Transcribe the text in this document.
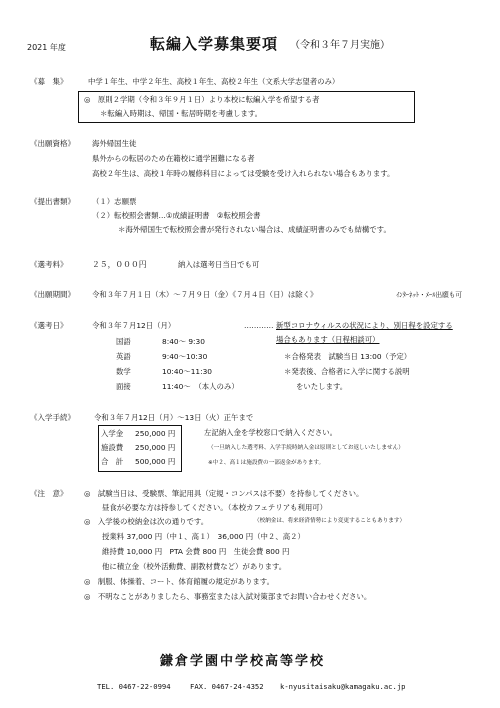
2021 年度	転編入学募集要項 （令和３年７月実施）
《募　集》	中学１年生、中学２年生、高校１年生、高校２年生（文系大学志望者のみ）
◎　原則２学期（令和３年９月１日）より本校に転編入学を希望する者
＊転編入時期は、帰国・転居時期を考慮します。
《出願資格》 海外帰国生徒
県外からの転居のため在籍校に通学困難になる者
高校２年生は、高校１年時の履修科目によっては受験を受け入れられない場合もあります。
《提出書類》 （１）志願票
（２）転校照会書類…①成績証明書　②転校照会書
＊海外帰国生で転校照会書が発行されない場合は、成績証明書のみでも結構です。
《選考料》	２５，０００円	納入は選考日当日でも可
《出願期間》 令和３年７月１日（木）～７月９日（金）《７月４日（日）は除く》	ｲﾝﾀｰﾈｯﾄ・ﾒｰﾙ出願も可
《選考日》	令和３年７月12日（月）	………… 新型コロナウィルスの状況により、別日程を設定する
場合もあります（日程相談可）
国語	8:40～ 9:30
英語	9:40～10:30
数学	10:40～11:30
面接	11:40～　（本人のみ）
＊合格発表　試験当日 13:00（予定）
＊発表後、合格者に入学に関する説明
をいたします。
《入学手続》	令和３年７月12日（月）～13日（火）正午まで
入学金 250,000 円
施設費 250,000 円
合　計 500,000 円
左記納入金を学校窓口で納入ください。
（一旦納入した選考料、入学手続時納入金は原則としてお返しいたしません）
※中２、高１は施設費の一部返金があります。
《注　意》 ◎　試験当日は、受験票、筆記用具（定規・コンパスは不要）を持参してください。
昼食が必要な方は持参してください。（本校カフェテリアも利用可）
◎　入学後の校納金は次の通りです。	（校納金は、将来経済情勢により変更することもあります）
授業料 37,000 円（中１、高１）　36,000 円（中２、高２）
維持費 10,000 円　PTA 会費 800 円　生徒会費 800 円
他に積立金（校外活動費、副教材費など）があります。
◎　制服、体操着、コート、体育館履の規定があります。
◎　不明なことがありましたら、事務室または入試対策部までお問い合わせください。
鎌倉学園中学校高等学校
TEL. 0467-22-0994	FAX. 0467-24-4352 k-nyusitaisaku@kamagaku.ac.jp
